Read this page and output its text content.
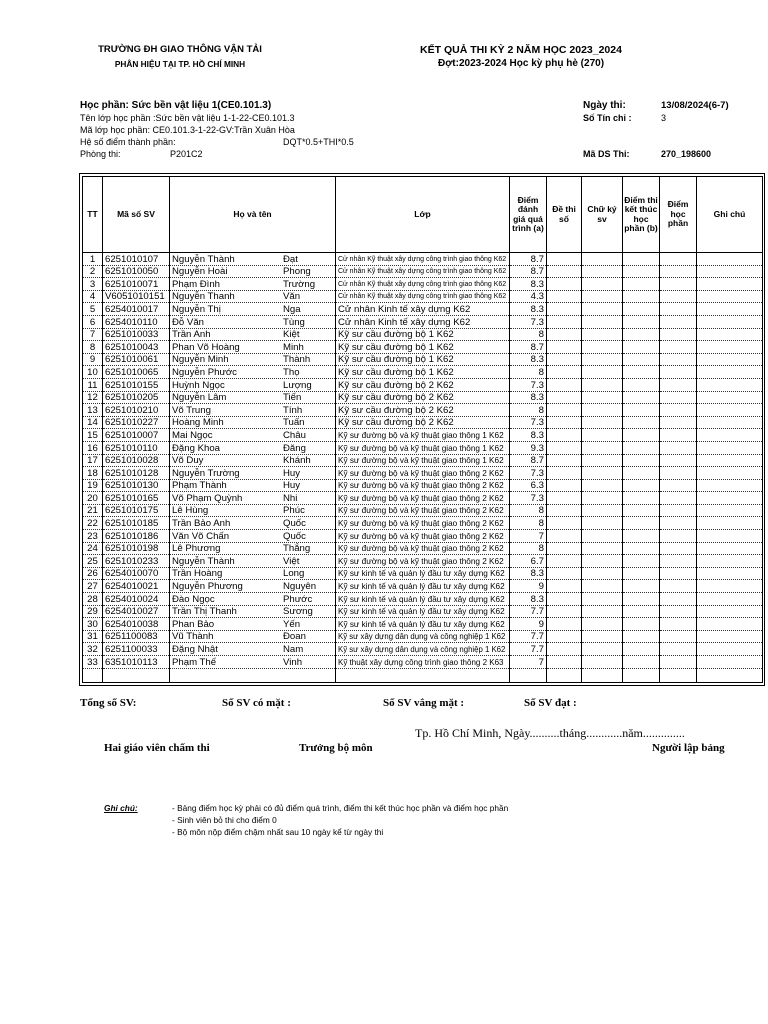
TRƯỜNG ĐH GIAO THÔNG VẬN TẢI
PHÂN HIỆU TẠI TP. HỒ CHÍ MINH
KẾT QUẢ THI KỲ 2 NĂM HỌC 2023_2024
Đợt:2023-2024 Học kỳ phụ hè (270)
Học phần: Sức bền vật liệu 1(CE0.101.3)
Tên lớp học phần :Sức bền vật liệu 1-1-22-CE0.101.3
Mã lớp học phần: CE0.101.3-1-22-GV:Trần Xuân Hòa
Hệ số điểm thành phần:	DQT*0.5+THI*0.5
Phòng thi:	P201C2
Ngày thi:	13/08/2024(6-7)
Số Tín chỉ :	3
Mã DS Thi:	270_198600
TT	Mã số SV	Họ và tên	Lớp	Điểm đánh giá quá trình (a)	Đề thi số	Chữ ký sv	Điểm thi kết thúc học phần (b)	Điểm học phần	Ghi chú
1	6251010107	Nguyễn Thành Đạt	Cử nhân Kỹ thuật xây dựng công trình giao thông K62	8.7					
2	6251010050	Nguyễn Hoài Phong	Cử nhân Kỹ thuật xây dựng công trình giao thông K62	8.7					
3	6251010071	Phạm Đình Trường	Cử nhân Kỹ thuật xây dựng công trình giao thông K62	8.3					
4	V6051010151	Nguyễn Thanh Văn	Cử nhân Kỹ thuật xây dựng công trình giao thông K62	4.3					
5	6254010017	Nguyễn Thị Nga	Cử nhân Kinh tế xây dựng K62	8.3					
6	6254010110	Đỗ Văn Tùng	Cử nhân Kinh tế xây dựng K62	7.3					
7	6251010033	Trần Anh Kiệt	Kỹ sư cầu đường bộ 1 K62	8					
8	6251010043	Phan Võ Hoàng Minh	Kỹ sư cầu đường bộ 1 K62	8.7					
9	6251010061	Nguyễn Minh Thành	Kỹ sư cầu đường bộ 1 K62	8.3					
10	6251010065	Nguyễn Phước Thọ	Kỹ sư cầu đường bộ 1 K62	8					
11	6251010155	Huỳnh Ngọc Lượng	Kỹ sư cầu đường bộ 2 K62	7.3					
12	6251010205	Nguyễn Lâm Tiến	Kỹ sư cầu đường bộ 2 K62	8.3					
13	6251010210	Võ Trung Tính	Kỹ sư cầu đường bộ 2 K62	8					
14	6251010227	Hoàng Minh Tuấn	Kỹ sư cầu đường bộ 2 K62	7.3					
15	6251010007	Mai Ngọc Châu	Kỹ sư đường bộ và kỹ thuật giao thông 1 K62	8.3					
16	6251010110	Đặng Khoa Đăng	Kỹ sư đường bộ và kỹ thuật giao thông 1 K62	9.3					
17	6251010028	Võ Duy Khánh	Kỹ sư đường bộ và kỹ thuật giao thông 1 K62	8.7					
18	6251010128	Nguyễn Trường Huy	Kỹ sư đường bộ và kỹ thuật giao thông 2 K62	7.3					
19	6251010130	Phạm Thành Huy	Kỹ sư đường bộ và kỹ thuật giao thông 2 K62	6.3					
20	6251010165	Võ Phạm Quỳnh Nhi	Kỹ sư đường bộ và kỹ thuật giao thông 2 K62	7.3					
21	6251010175	Lê Hùng Phúc	Kỹ sư đường bộ và kỹ thuật giao thông 2 K62	8					
22	6251010185	Trần Bảo Anh Quốc	Kỹ sư đường bộ và kỹ thuật giao thông 2 K62	8					
23	6251010186	Văn Võ Chấn Quốc	Kỹ sư đường bộ và kỹ thuật giao thông 2 K62	7					
24	6251010198	Lê Phương Thắng	Kỹ sư đường bộ và kỹ thuật giao thông 2 K62	8					
25	6251010233	Nguyễn Thành Việt	Kỹ sư đường bộ và kỹ thuật giao thông 2 K62	6.7					
26	6254010070	Trần Hoàng Long	Kỹ sư kinh tế và quản lý đầu tư xây dựng K62	8.3					
27	6254010021	Nguyễn Phương Nguyên	Kỹ sư kinh tế và quản lý đầu tư xây dựng K62	9					
28	6254010024	Đào Ngọc Phước	Kỹ sư kinh tế và quản lý đầu tư xây dựng K62	8.3					
29	6254010027	Trần Thị Thanh Sương	Kỹ sư kinh tế và quản lý đầu tư xây dựng K62	7.7					
30	6254010038	Phan Bảo Yến	Kỹ sư kinh tế và quản lý đầu tư xây dựng K62	9					
31	6251100083	Vũ Thành Đoan	Kỹ sư xây dựng dân dụng và công nghiệp 1 K62	7.7					
32	6251100033	Đặng Nhật Nam	Kỹ sư xây dựng dân dụng và công nghiệp 1 K62	7.7					
33	6351010113	Phạm Thế Vinh	Kỹ thuật xây dựng công trình giao thông 2 K63	7					

Tổng số SV:	Số SV có mặt :	Số SV vắng mặt :	Số SV đạt :
Tp. Hồ Chí Minh, Ngày..........tháng............năm..............
Hai giáo viên chấm thi	Trưởng bộ môn	Người lập bảng
Ghi chú:	- Bảng điểm học kỳ phải có đủ điểm quá trình, điểm thi kết thúc học phần và điểm học phần
- Sinh viên bỏ thi cho điểm 0
- Bộ môn nộp điểm chậm nhất sau 10 ngày kể từ ngày thi
